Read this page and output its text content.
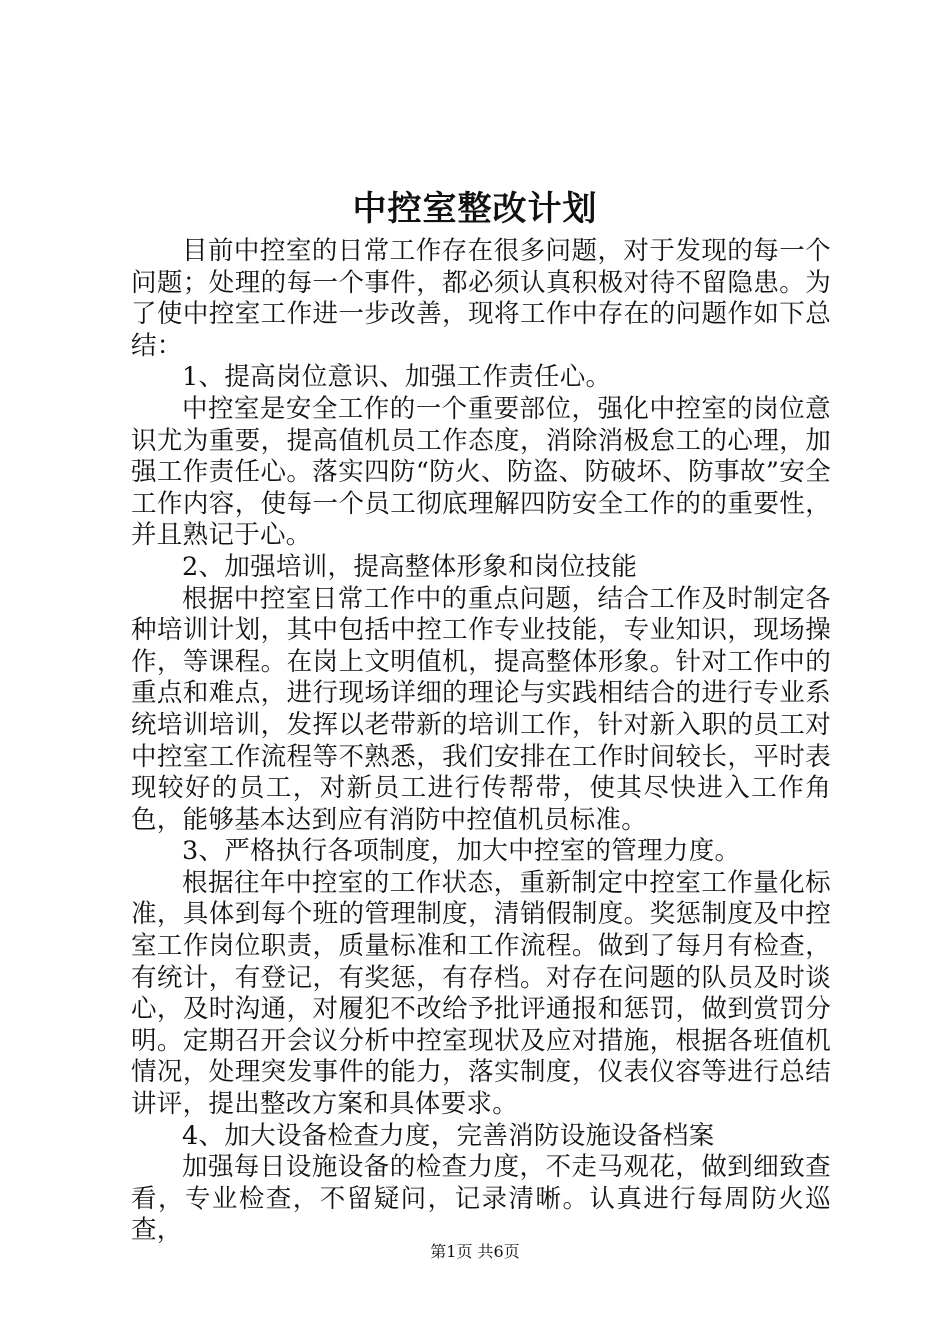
中控室整改计划

目前中控室的日常工作存在很多问题，对于发现的每一个问题；处理的每一个事件，都必须认真积极对待不留隐患。为了使中控室工作进一步改善，现将工作中存在的问题作如下总结：

1、提高岗位意识、加强工作责任心。

中控室是安全工作的一个重要部位，强化中控室的岗位意识尤为重要，提高值机员工作态度，消除消极怠工的心理，加强工作责任心。落实四防“防火、防盗、防破坏、防事故”安全工作内容，使每一个员工彻底理解四防安全工作的的重要性，并且熟记于心。

2、加强培训，提高整体形象和岗位技能

根据中控室日常工作中的重点问题，结合工作及时制定各种培训计划，其中包括中控工作专业技能，专业知识，现场操作，等课程。在岗上文明值机，提高整体形象。针对工作中的重点和难点，进行现场详细的理论与实践相结合的进行专业系统培训培训，发挥以老带新的培训工作，针对新入职的员工对中控室工作流程等不熟悉，我们安排在工作时间较长，平时表现较好的员工，对新员工进行传帮带，使其尽快进入工作角色，能够基本达到应有消防中控值机员标准。

3、严格执行各项制度，加大中控室的管理力度。

根据往年中控室的工作状态，重新制定中控室工作量化标准，具体到每个班的管理制度，清销假制度。奖惩制度及中控室工作岗位职责，质量标准和工作流程。做到了每月有检查，有统计，有登记，有奖惩，有存档。对存在问题的队员及时谈心，及时沟通，对履犯不改给予批评通报和惩罚，做到赏罚分明。定期召开会议分析中控室现状及应对措施，根据各班值机情况，处理突发事件的能力，落实制度，仪表仪容等进行总结讲评，提出整改方案和具体要求。

4、加大设备检查力度，完善消防设施设备档案

加强每日设施设备的检查力度，不走马观花，做到细致查看，专业检查，不留疑问，记录清晰。认真进行每周防火巡查，

第1页 共6页
